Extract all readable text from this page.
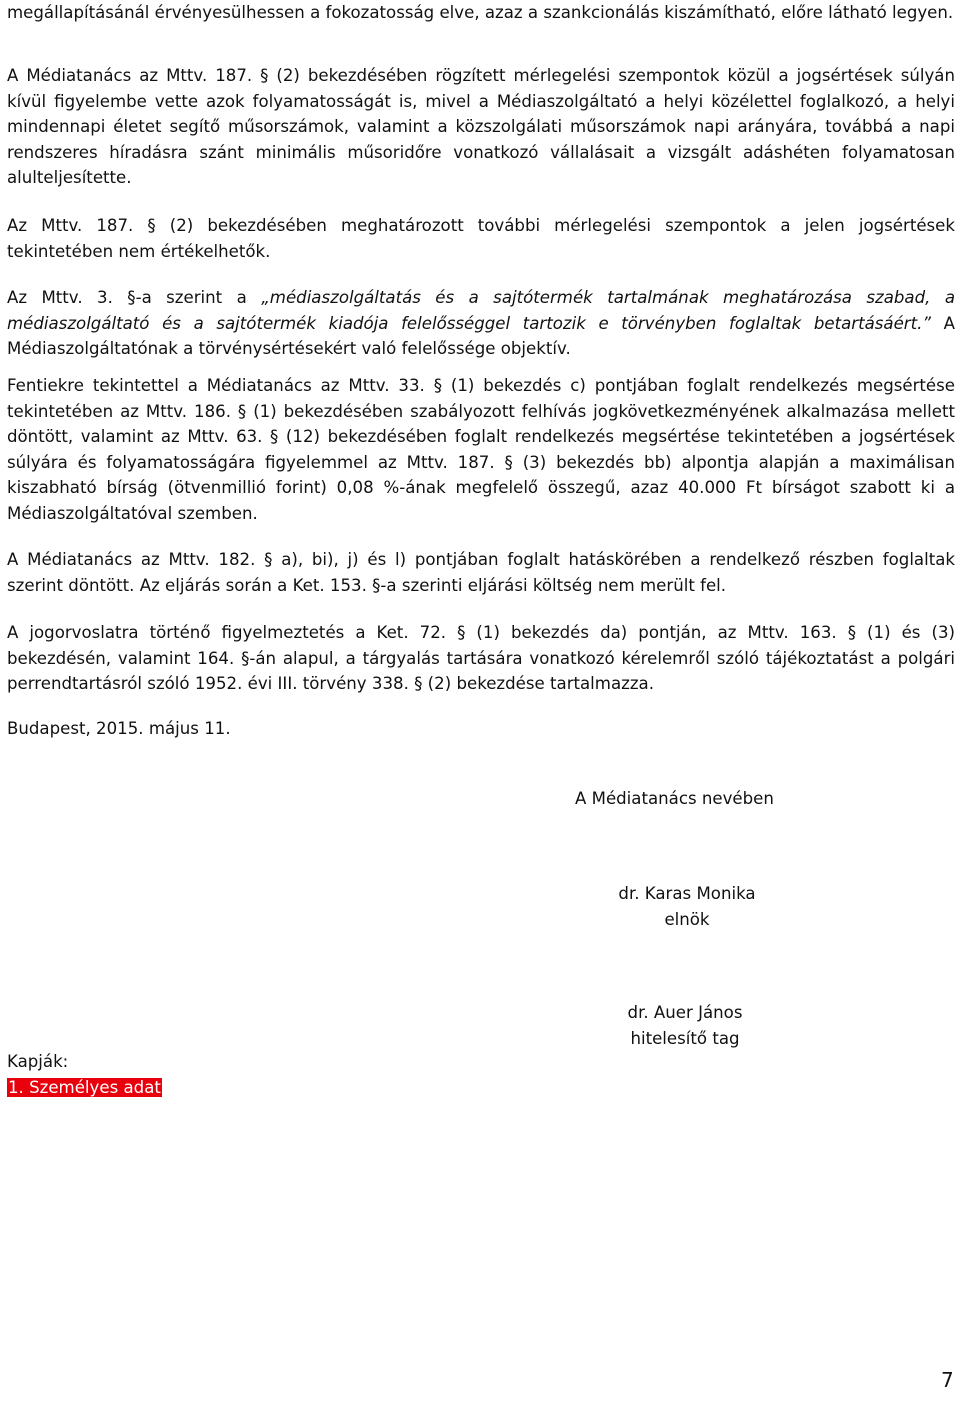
megállapításánál érvényesülhessen a fokozatosság elve, azaz a szankcionálás kiszámítható, előre látható legyen.

A Médiatanács az Mttv. 187. § (2) bekezdésében rögzített mérlegelési szempontok közül a jogsértések súlyán kívül figyelembe vette azok folyamatosságát is, mivel a Médiaszolgáltató a helyi közélettel foglalkozó, a helyi mindennapi életet segítő műsorszámok, valamint a közszolgálati műsorszámok napi arányára, továbbá a napi rendszeres híradásra szánt minimális műsoridőre vonatkozó vállalásait a vizsgált adáshéten folyamatosan alulteljesítette.

Az Mttv. 187. § (2) bekezdésében meghatározott további mérlegelési szempontok a jelen jogsértések tekintetében nem értékelhetők.

Az Mttv. 3. §-a szerint a „médiaszolgáltatás és a sajtótermék tartalmának meghatározása szabad, a médiaszolgáltató és a sajtótermék kiadója felelősséggel tartozik e törvényben foglaltak betartásáért.” A Médiaszolgáltatónak a törvénysértésekért való felelőssége objektív.

Fentiekre tekintettel a Médiatanács az Mttv. 33. § (1) bekezdés c) pontjában foglalt rendelkezés megsértése tekintetében az Mttv. 186. § (1) bekezdésében szabályozott felhívás jogkövetkezményének alkalmazása mellett döntött, valamint az Mttv. 63. § (12) bekezdésében foglalt rendelkezés megsértése tekintetében a jogsértések súlyára és folyamatosságára figyelemmel az Mttv. 187. § (3) bekezdés bb) alpontja alapján a maximálisan kiszabható bírság (ötvenmillió forint) 0,08 %-ának megfelelő összegű, azaz 40.000 Ft bírságot szabott ki a Médiaszolgáltatóval szemben.

A Médiatanács az Mttv. 182. § a), bi), j) és l) pontjában foglalt hatáskörében a rendelkező részben foglaltak szerint döntött. Az eljárás során a Ket. 153. §-a szerinti eljárási költség nem merült fel.

A jogorvoslatra történő figyelmeztetés a Ket. 72. § (1) bekezdés da) pontján, az Mttv. 163. § (1) és (3) bekezdésén, valamint 164. §-án alapul, a tárgyalás tartására vonatkozó kérelemről szóló tájékoztatást a polgári perrendtartásról szóló 1952. évi III. törvény 338. § (2) bekezdése tartalmazza.

Budapest, 2015. május 11.

A Médiatanács nevében

dr. Karas Monika
elnök
dr. Auer János
hitelesítő tag
Kapják:
1. Személyes adat
7
